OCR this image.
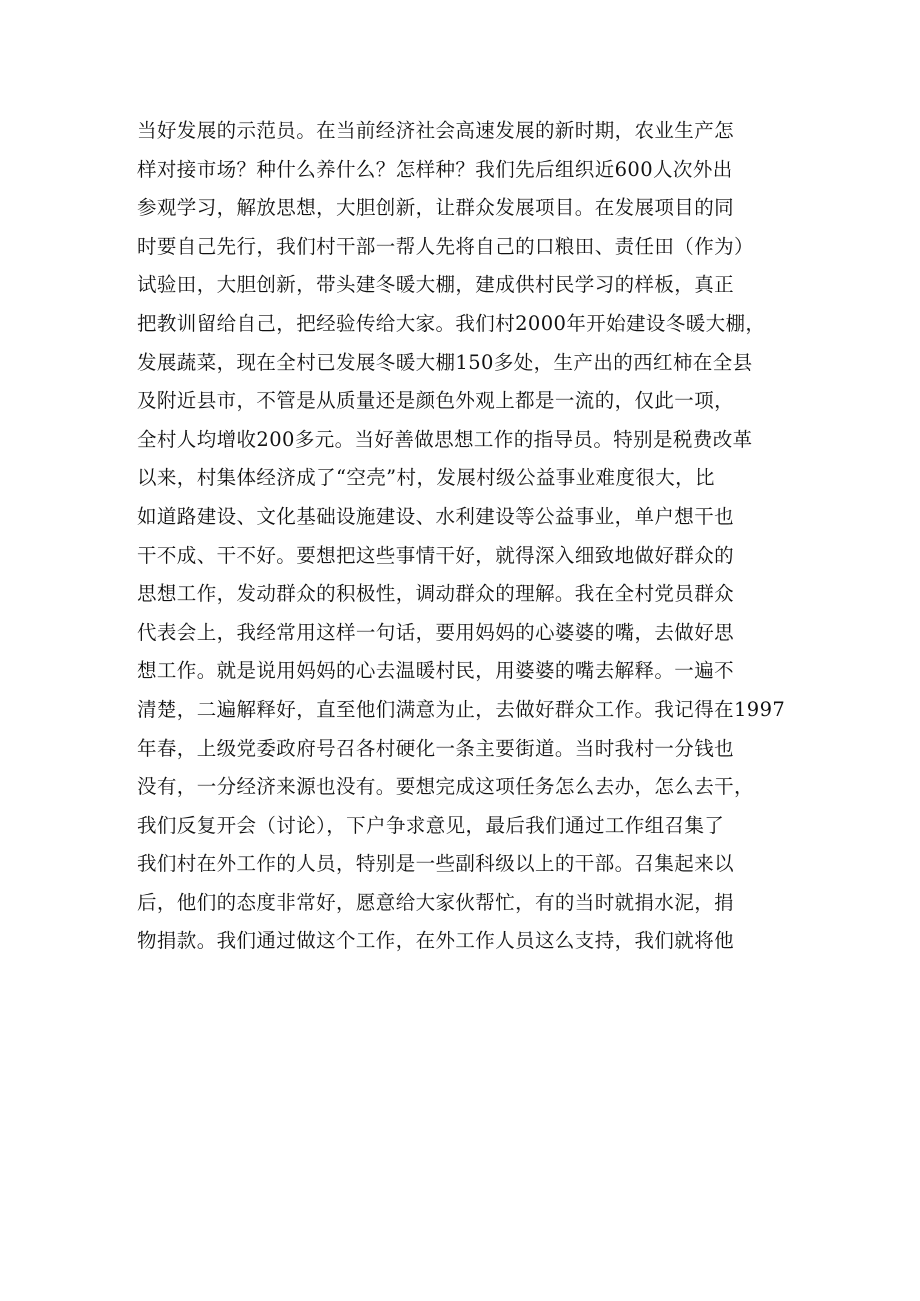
当好发展的示范员。在当前经济社会高速发展的新时期，农业生产怎
样对接市场？种什么养什么？怎样种？我们先后组织近600人次外出
参观学习，解放思想，大胆创新，让群众发展项目。在发展项目的同
时要自己先行，我们村干部一帮人先将自己的口粮田、责任田（作为）
试验田，大胆创新，带头建冬暖大棚，建成供村民学习的样板，真正
把教训留给自己，把经验传给大家。我们村2000年开始建设冬暖大棚，
发展蔬菜，现在全村已发展冬暖大棚150多处，生产出的西红柿在全县
及附近县市，不管是从质量还是颜色外观上都是一流的，仅此一项，
全村人均增收200多元。当好善做思想工作的指导员。特别是税费改革
以来，村集体经济成了“空壳”村，发展村级公益事业难度很大，比
如道路建设、文化基础设施建设、水利建设等公益事业，单户想干也
干不成、干不好。要想把这些事情干好，就得深入细致地做好群众的
思想工作，发动群众的积极性，调动群众的理解。我在全村党员群众
代表会上，我经常用这样一句话，要用妈妈的心婆婆的嘴，去做好思
想工作。就是说用妈妈的心去温暖村民，用婆婆的嘴去解释。一遍不
清楚，二遍解释好，直至他们满意为止，去做好群众工作。我记得在1997
年春，上级党委政府号召各村硬化一条主要街道。当时我村一分钱也
没有，一分经济来源也没有。要想完成这项任务怎么去办，怎么去干，
我们反复开会（讨论），下户争求意见，最后我们通过工作组召集了
我们村在外工作的人员，特别是一些副科级以上的干部。召集起来以
后，他们的态度非常好，愿意给大家伙帮忙，有的当时就捐水泥，捐
物捐款。我们通过做这个工作，在外工作人员这么支持，我们就将他
